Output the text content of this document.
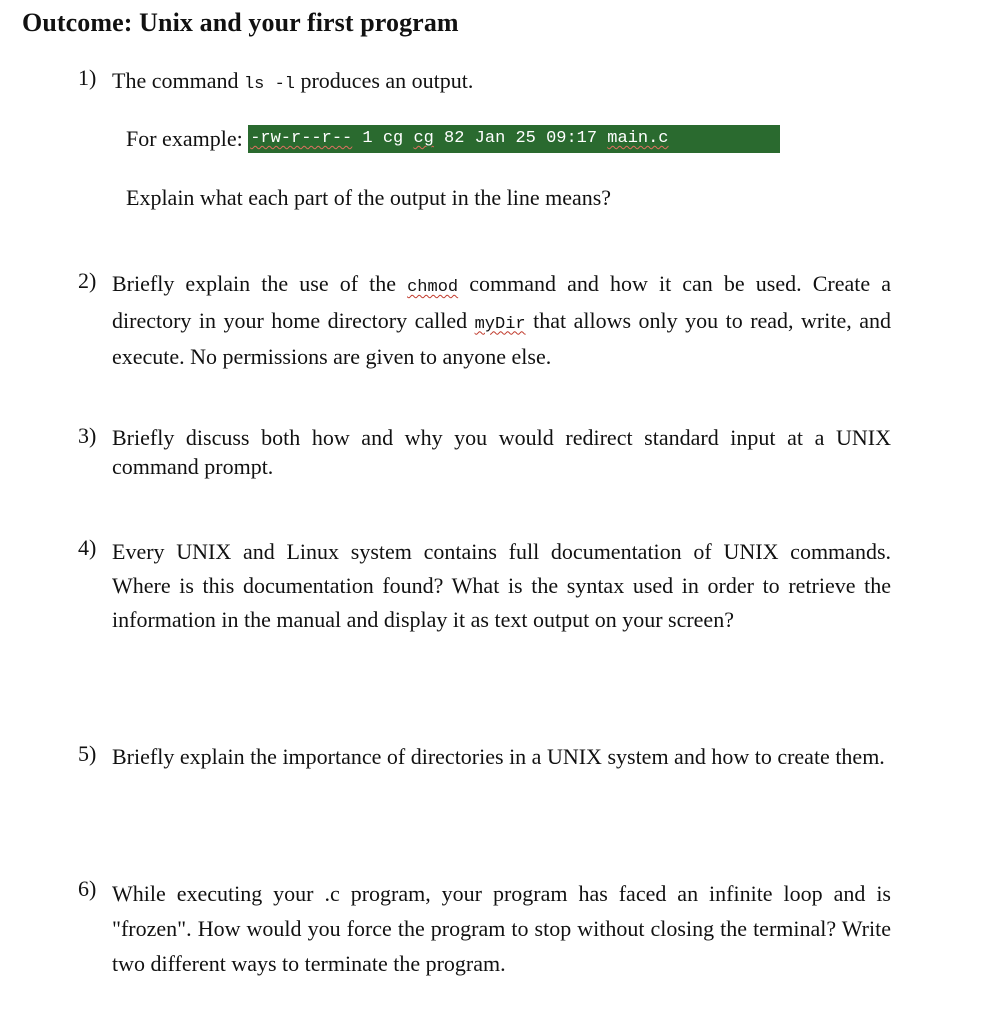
Outcome: Unix and your first program
1) The command ls -l produces an output.
For example: -rw-r--r-- 1 cg cg 82 Jan 25 09:17 main.c
Explain what each part of the output in the line means?
2) Briefly explain the use of the chmod command and how it can be used. Create a directory in your home directory called myDir that allows only you to read, write, and execute. No permissions are given to anyone else.
3) Briefly discuss both how and why you would redirect standard input at a UNIX command prompt.
4) Every UNIX and Linux system contains full documentation of UNIX commands. Where is this documentation found? What is the syntax used in order to retrieve the information in the manual and display it as text output on your screen?
5) Briefly explain the importance of directories in a UNIX system and how to create them.
6) While executing your .c program, your program has faced an infinite loop and is "frozen". How would you force the program to stop without closing the terminal? Write two different ways to terminate the program.
